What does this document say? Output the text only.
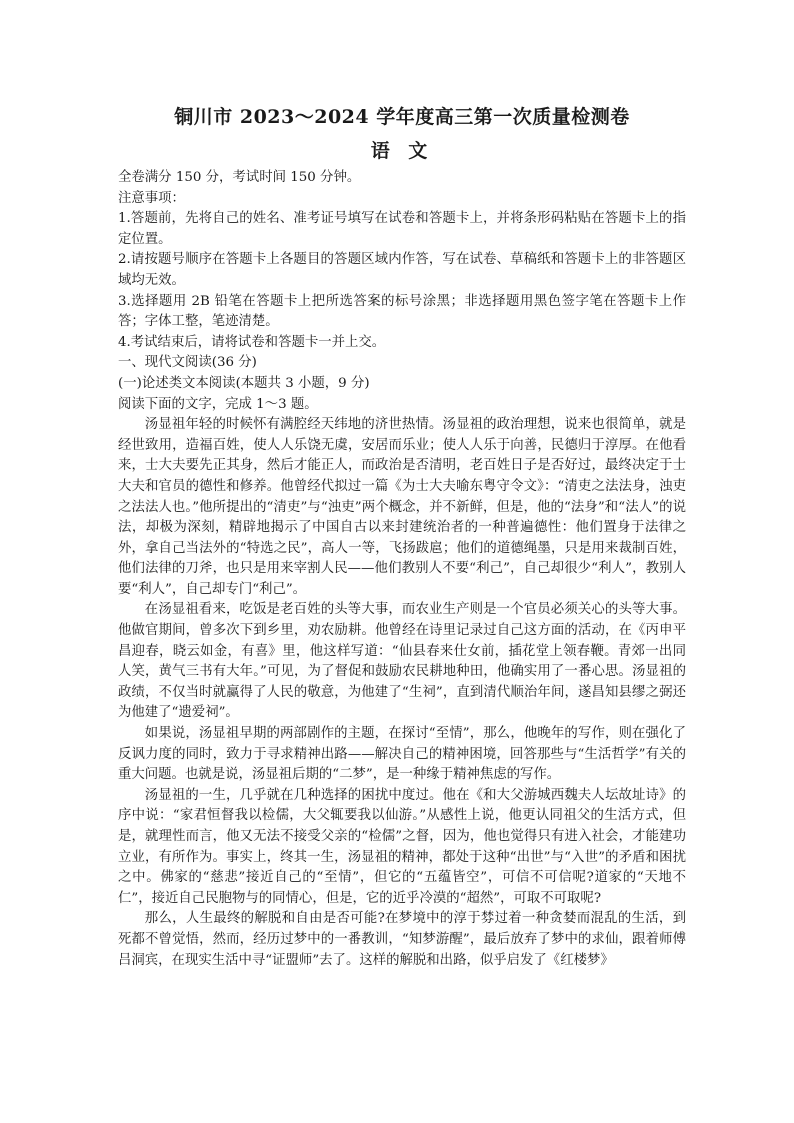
铜川市 2023～2024 学年度高三第一次质量检测卷
语 文

全卷满分 150 分，考试时间 150 分钟。

注意事项：

1.答题前，先将自己的姓名、准考证号填写在试卷和答题卡上，并将条形码粘贴在答题卡上的指定位置。

2.请按题号顺序在答题卡上各题目的答题区域内作答，写在试卷、草稿纸和答题卡上的非答题区域均无效。

3.选择题用 2B 铅笔在答题卡上把所选答案的标号涂黑；非选择题用黑色签字笔在答题卡上作答；字体工整，笔迹清楚。

4.考试结束后，请将试卷和答题卡一并上交。

一、现代文阅读(36 分)

(一)论述类文本阅读(本题共 3 小题，9 分)

阅读下面的文字，完成 1～3 题。

汤显祖年轻的时候怀有满腔经天纬地的济世热情。汤显祖的政治理想，说来也很简单，就是经世致用，造福百姓，使人人乐饶无虞，安居而乐业；使人人乐于向善，民德归于淳厚。在他看来，士大夫要先正其身，然后才能正人，而政治是否清明，老百姓日子是否好过，最终决定于士大夫和官员的德性和修养。他曾经代拟过一篇《为士大夫喻东粤守令文》：“清吏之法法身，浊吏之法法人也。”他所提出的“清吏”与“浊吏”两个概念，并不新鲜，但是，他的“法身”和“法人”的说法，却极为深刻，精辟地揭示了中国自古以来封建统治者的一种普遍德性：他们置身于法律之外，拿自己当法外的“特选之民”，高人一等，飞扬跋扈；他们的道德绳墨，只是用来裁制百姓，他们法律的刀斧，也只是用来宰割人民——他们教别人不要“利己”，自己却很少“利人”，教别人要“利人”，自己却专门“利己”。

在汤显祖看来，吃饭是老百姓的头等大事，而农业生产则是一个官员必须关心的头等大事。他做官期间，曾多次下到乡里，劝农励耕。他曾经在诗里记录过自己这方面的活动，在《丙申平昌迎春，晓云如金，有喜》里，他这样写道：“仙县春来仕女前，插花堂上领春鞭。青郊一出同人笑，黄气三书有大年。”可见，为了督促和鼓励农民耕地种田，他确实用了一番心思。汤显祖的政绩，不仅当时就赢得了人民的敬意，为他建了“生祠”，直到清代顺治年间，遂昌知县缪之弼还为他建了“遗爱祠”。

如果说，汤显祖早期的两部剧作的主题，在探讨“至情”，那么，他晚年的写作，则在强化了反讽力度的同时，致力于寻求精神出路——解决自己的精神困境，回答那些与“生活哲学”有关的重大问题。也就是说，汤显祖后期的“二梦”，是一种缘于精神焦虑的写作。

汤显祖的一生，几乎就在几种选择的困扰中度过。他在《和大父游城西魏夫人坛故址诗》的序中说：“家君恒督我以检儒，大父辄要我以仙游。”从感性上说，他更认同祖父的生活方式，但是，就理性而言，他又无法不接受父亲的“检儒”之督，因为，他也觉得只有进入社会，才能建功立业，有所作为。事实上，终其一生，汤显祖的精神，都处于这种“出世”与“入世”的矛盾和困扰之中。佛家的“慈悲”接近自己的“至情”，但它的“五蕴皆空”，可信不可信呢?道家的“天地不仁”，接近自己民胞物与的同情心，但是，它的近乎冷漠的“超然”，可取不可取呢?

那么，人生最终的解脱和自由是否可能?在梦境中的淳于棼过着一种贪婪而混乱的生活，到死都不曾觉悟，然而，经历过梦中的一番教训，“知梦游醒”，最后放弃了梦中的求仙，跟着师傅吕洞宾，在现实生活中寻“证盟师”去了。这样的解脱和出路，似乎启发了《红楼梦》
